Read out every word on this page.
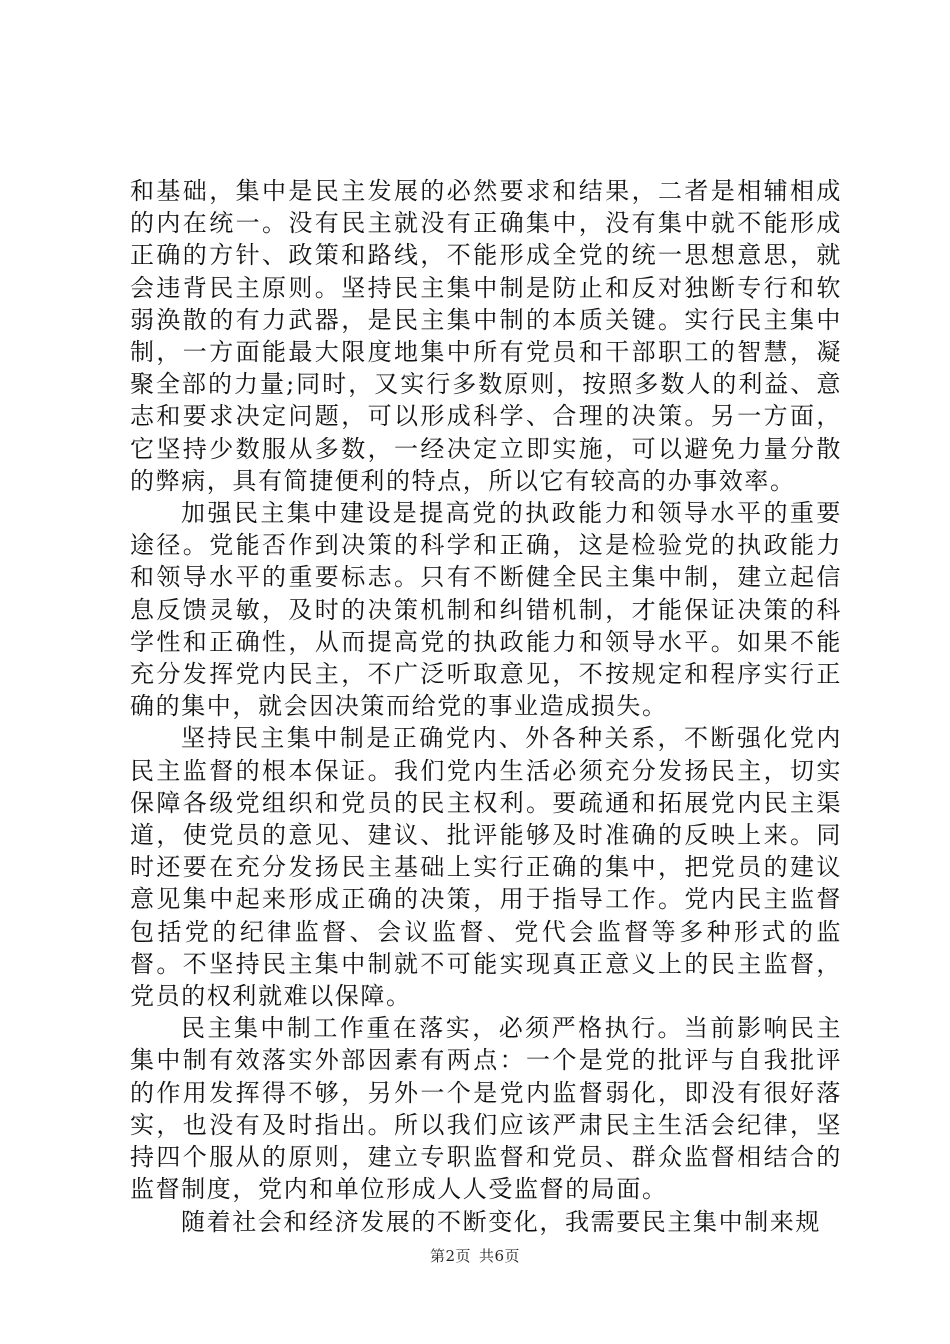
和基础，集中是民主发展的必然要求和结果，二者是相辅相成的内在统一。没有民主就没有正确集中，没有集中就不能形成正确的方针、政策和路线，不能形成全党的统一思想意思，就会违背民主原则。坚持民主集中制是防止和反对独断专行和软弱涣散的有力武器，是民主集中制的本质关键。实行民主集中制，一方面能最大限度地集中所有党员和干部职工的智慧，凝聚全部的力量;同时，又实行多数原则，按照多数人的利益、意志和要求决定问题，可以形成科学、合理的决策。另一方面，它坚持少数服从多数，一经决定立即实施，可以避免力量分散的弊病，具有简捷便利的特点，所以它有较高的办事效率。

加强民主集中建设是提高党的执政能力和领导水平的重要途径。党能否作到决策的科学和正确，这是检验党的执政能力和领导水平的重要标志。只有不断健全民主集中制，建立起信息反馈灵敏，及时的决策机制和纠错机制，才能保证决策的科学性和正确性，从而提高党的执政能力和领导水平。如果不能充分发挥党内民主，不广泛听取意见，不按规定和程序实行正确的集中，就会因决策而给党的事业造成损失。

坚持民主集中制是正确党内、外各种关系，不断强化党内民主监督的根本保证。我们党内生活必须充分发扬民主，切实保障各级党组织和党员的民主权利。要疏通和拓展党内民主渠道，使党员的意见、建议、批评能够及时准确的反映上来。同时还要在充分发扬民主基础上实行正确的集中，把党员的建议意见集中起来形成正确的决策，用于指导工作。党内民主监督包括党的纪律监督、会议监督、党代会监督等多种形式的监督。不坚持民主集中制就不可能实现真正意义上的民主监督，党员的权利就难以保障。

民主集中制工作重在落实，必须严格执行。当前影响民主集中制有效落实外部因素有两点：一个是党的批评与自我批评的作用发挥得不够，另外一个是党内监督弱化，即没有很好落实，也没有及时指出。所以我们应该严肃民主生活会纪律，坚持四个服从的原则，建立专职监督和党员、群众监督相结合的监督制度，党内和单位形成人人受监督的局面。

随着社会和经济发展的不断变化，我需要民主集中制来规

第2页 共6页
